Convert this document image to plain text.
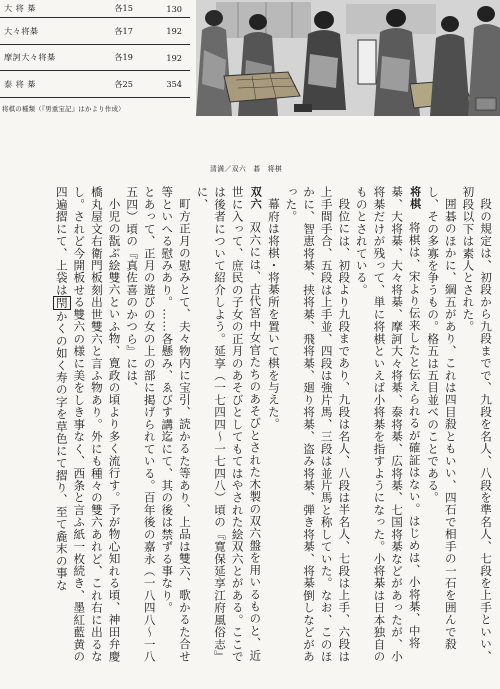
大 将 棊	各15	130
大々将棊	各17	192
摩訶大々将棊	各19	192
泰 将 棊	各25	354
将棋の種類（『男重宝記』はかより作成）
清満／双六　碁　将棋

段の規定は、初段から九段までで、九段を名人、八段を準名人、七段を上手といい、初段以下は素人とされた。

囲碁のほかに、綱五があり、これは四目殺ともいい、四石で相手の一石を囲んで殺し、その多寡を争うもの。格五は五目並べのことである。

将棋　将棋は、宋より伝来したと伝えられるが確証はない。はじめは、小将棊、中将棊、大将棊、大々将棊、摩訶大々将棊、泰将棊、広将棊、七国将棊などがあったが、小将棊だけが残って、単に将棋といえば小将棊を指すようになった。小将棊は日本独自のものとされている。

段位には、初段より九段まであり、九段は名人、八段は半名人、七段は上手、六段は上手間手合、五段は上手並、四段は強片馬、三段は並片馬と称していた。なお、このほかに、智恵将棊、挟将棊、飛将棊、廻り将棊、盗み将棊、弾き将棊、将棊倒しなどがあった。

幕府は将棋・将棊所を置いて棋を与えた。

双六　双六には、古代宮中女官たちのあそびとされた木製の双六盤を用いるものと、近世に入って、庶民の子女の正月のあそびとしてもてはやされた絵双六とがある。ここでは後者について紹介しよう。延享（一七四四〜一七四八）頃の『寛保延享江府風俗志』に、

町方正月の慰みとて、夫々物内に宝引、読かるた等あり、上品は雙六、歌かるた合せ等といへる慰みあり。……各懸み、ゑびす講迄にて、其の後は禁ずる事なり。

とあって、正月の遊びの女の上の部に掲げられている。百年後の嘉永（一八四八〜一八五四）頃の『真佐喜のかつら』には、

小児の翫ぶ絵雙六といふ物、寛政の頃より多く流行す。予が物心知れる頃、神田弁慶橋丸屋文右衛門板刻出世雙六と言ふ物あり。外にも種々の雙六あれど、これ右に出るなし。されど今開板せる雙六の様に美をしき事なく、西条と言ふ紙一枚続き、墨紅藍黄の四遍摺にて、上袋は閇かくの如く寿の字を草色にて摺り、至て麁末の事な
